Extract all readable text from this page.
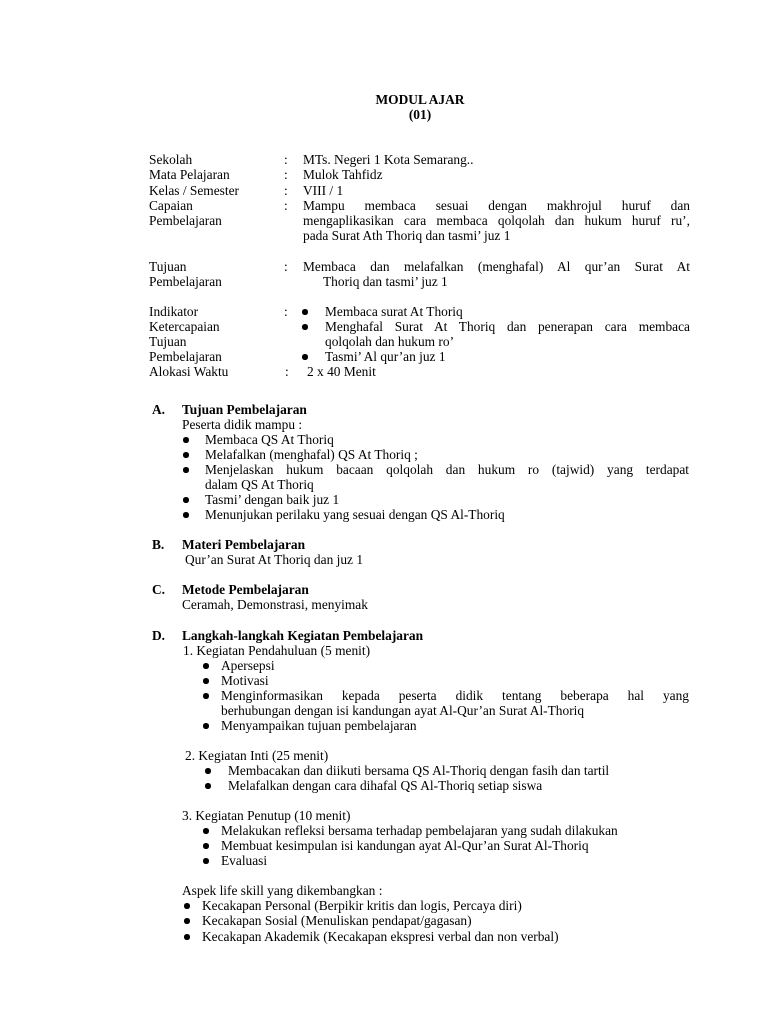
MODUL AJAR
(01)
Sekolah	: MTs. Negeri 1 Kota Semarang..
Mata Pelajaran	: Mulok Tahfidz
Kelas / Semester	: VIII / 1
Capaian
Pembelajaran
: Mampu membaca sesuai dengan makhrojul huruf dan
mengaplikasikan cara membaca qolqolah dan hukum huruf ru’,
pada Surat Ath Thoriq dan tasmi’ juz 1
Tujuan
Pembelajaran
: Membaca dan melafalkan (menghafal) Al qur’an Surat At
Thoriq dan tasmi’ juz 1
Indikator
Ketercapaian
Tujuan
Pembelajaran
:	Membaca surat At Thoriq
Menghafal Surat At Thoriq dan penerapan cara membaca
qolqolah dan hukum ro’
Tasmi’ Al qur’an juz 1
Alokasi Waktu	: 2 x 40 Menit
A. Tujuan Pembelajaran
Peserta didik mampu :
Membaca QS At Thoriq
Melafalkan (menghafal) QS At Thoriq ;
Menjelaskan hukum bacaan qolqolah dan hukum ro (tajwid) yang terdapat
dalam QS At Thoriq
Tasmi’ dengan baik juz 1
Menunjukan perilaku yang sesuai dengan QS Al-Thoriq
B. Materi Pembelajaran
Qur’an Surat At Thoriq dan juz 1
C. Metode Pembelajaran
Ceramah, Demonstrasi, menyimak
D. Langkah-langkah Kegiatan Pembelajaran
1. Kegiatan Pendahuluan (5 menit)
Apersepsi
Motivasi
Menginformasikan kepada peserta didik tentang beberapa hal yang
berhubungan dengan isi kandungan ayat Al-Qur’an Surat Al-Thoriq
Menyampaikan tujuan pembelajaran
2. Kegiatan Inti (25 menit)
Membacakan dan diikuti bersama QS Al-Thoriq dengan fasih dan tartil
Melafalkan dengan cara dihafal QS Al-Thoriq setiap siswa
3. Kegiatan Penutup (10 menit)
Melakukan refleksi bersama terhadap pembelajaran yang sudah dilakukan
Membuat kesimpulan isi kandungan ayat Al-Qur’an Surat Al-Thoriq
Evaluasi
Aspek life skill yang dikembangkan :
Kecakapan Personal (Berpikir kritis dan logis, Percaya diri)
Kecakapan Sosial (Menuliskan pendapat/gagasan)
Kecakapan Akademik (Kecakapan ekspresi verbal dan non verbal)
